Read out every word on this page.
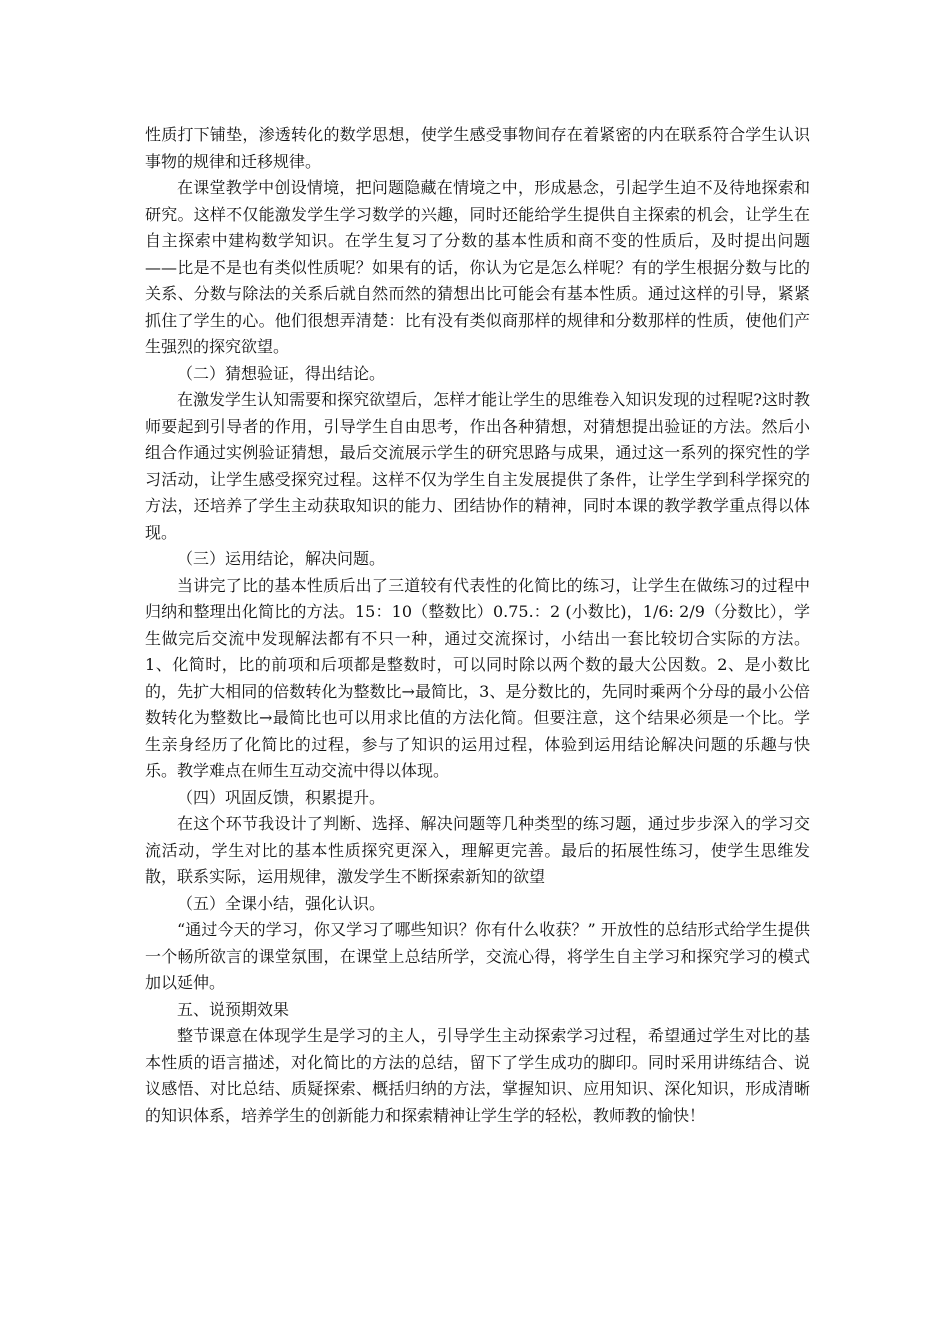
性质打下铺垫，渗透转化的数学思想，使学生感受事物间存在着紧密的内在联系符合学生认识事物的规律和迁移规律。

在课堂教学中创设情境，把问题隐藏在情境之中，形成悬念，引起学生迫不及待地探索和研究。这样不仅能激发学生学习数学的兴趣，同时还能给学生提供自主探索的机会，让学生在自主探索中建构数学知识。在学生复习了分数的基本性质和商不变的性质后，及时提出问题——比是不是也有类似性质呢？如果有的话，你认为它是怎么样呢？有的学生根据分数与比的关系、分数与除法的关系后就自然而然的猜想出比可能会有基本性质。通过这样的引导，紧紧抓住了学生的心。他们很想弄清楚：比有没有类似商那样的规律和分数那样的性质，使他们产生强烈的探究欲望。

（二）猜想验证，得出结论。

在激发学生认知需要和探究欲望后，怎样才能让学生的思维卷入知识发现的过程呢?这时教师要起到引导者的作用，引导学生自由思考，作出各种猜想，对猜想提出验证的方法。然后小组合作通过实例验证猜想，最后交流展示学生的研究思路与成果，通过这一系列的探究性的学习活动，让学生感受探究过程。这样不仅为学生自主发展提供了条件，让学生学到科学探究的方法，还培养了学生主动获取知识的能力、团结协作的精神，同时本课的教学教学重点得以体现。

（三）运用结论，解决问题。

当讲完了比的基本性质后出了三道较有代表性的化简比的练习，让学生在做练习的过程中归纳和整理出化简比的方法。15：10（整数比）0.75.：2 (小数比)，1/6: 2/9（分数比），学生做完后交流中发现解法都有不只一种，通过交流探讨，小结出一套比较切合实际的方法。1、化简时，比的前项和后项都是整数时，可以同时除以两个数的最大公因数。2、是小数比的，先扩大相同的倍数转化为整数比→最简比，3、是分数比的，先同时乘两个分母的最小公倍数转化为整数比→最简比也可以用求比值的方法化简。但要注意，这个结果必须是一个比。学生亲身经历了化简比的过程，参与了知识的运用过程，体验到运用结论解决问题的乐趣与快乐。教学难点在师生互动交流中得以体现。

（四）巩固反馈，积累提升。

在这个环节我设计了判断、选择、解决问题等几种类型的练习题，通过步步深入的学习交流活动，学生对比的基本性质探究更深入，理解更完善。最后的拓展性练习，使学生思维发散，联系实际，运用规律，激发学生不断探索新知的欲望

（五）全课小结，强化认识。

“通过今天的学习，你又学习了哪些知识？你有什么收获？” 开放性的总结形式给学生提供一个畅所欲言的课堂氛围，在课堂上总结所学，交流心得，将学生自主学习和探究学习的模式加以延伸。

五、说预期效果

整节课意在体现学生是学习的主人，引导学生主动探索学习过程，希望通过学生对比的基本性质的语言描述，对化简比的方法的总结，留下了学生成功的脚印。同时采用讲练结合、说议感悟、对比总结、质疑探索、概括归纳的方法，掌握知识、应用知识、深化知识，形成清晰的知识体系，培养学生的创新能力和探索精神让学生学的轻松，教师教的愉快！
